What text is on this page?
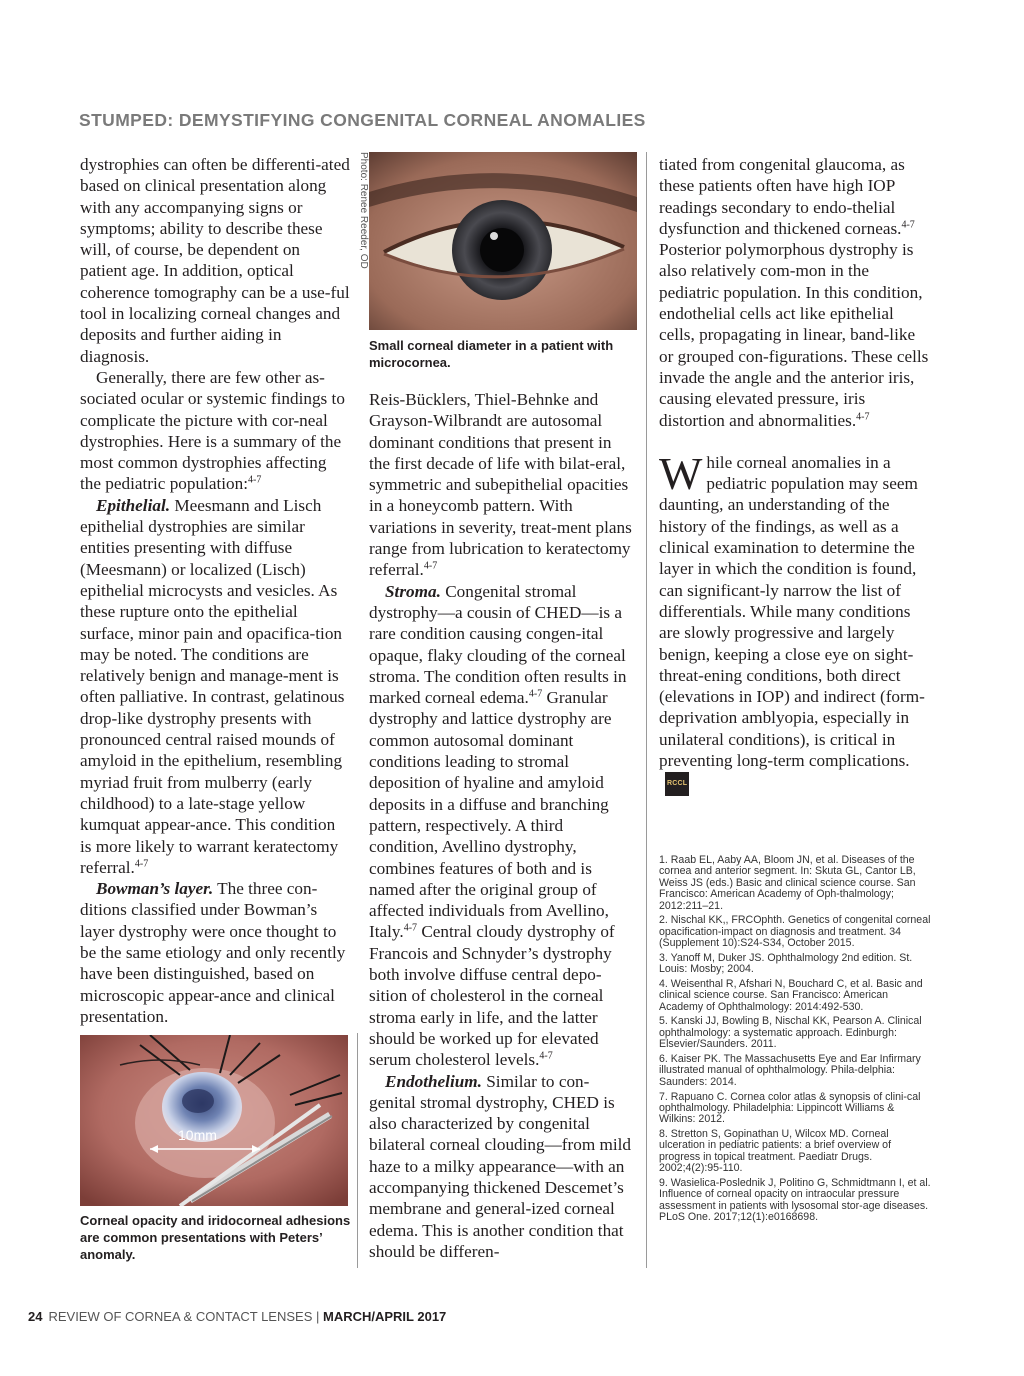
STUMPED: DEMYSTIFYING CONGENITAL CORNEAL ANOMALIES

dystrophies can often be differenti-ated based on clinical presentation along with any accompanying signs or symptoms; ability to describe these will, of course, be dependent on patient age. In addition, optical coherence tomography can be a use-ful tool in localizing corneal changes and deposits and further aiding in diagnosis.

Generally, there are few other as-sociated ocular or systemic findings to complicate the picture with cor-neal dystrophies. Here is a summary of the most common dystrophies affecting the pediatric population:$^{4-7}$

Epithelial. Meesmann and Lisch epithelial dystrophies are similar entities presenting with diffuse (Meesmann) or localized (Lisch) epithelial microcysts and vesicles. As these rupture onto the epithelial surface, minor pain and opacifica-tion may be noted. The conditions are relatively benign and manage-ment is often palliative. In contrast, gelatinous drop-like dystrophy presents with pronounced central raised mounds of amyloid in the epithelium, resembling myriad fruit from mulberry (early childhood) to a late-stage yellow kumquat appear-ance. This condition is more likely to warrant keratectomy referral.$^{4-7}$

Bowman’s layer. The three con-ditions classified under Bowman’s layer dystrophy were once thought to be the same etiology and only recently have been distinguished, based on microscopic appear-ance and clinical presentation.

10mm
Corneal opacity and iridocorneal adhesions are common presentations with Peters’ anomaly.
Photo: Renee Reeder, OD
Small corneal diameter in a patient with microcornea.

Reis-Bücklers, Thiel-Behnke and Grayson-Wilbrandt are autosomal dominant conditions that present in the first decade of life with bilat-eral, symmetric and subepithelial opacities in a honeycomb pattern. With variations in severity, treat-ment plans range from lubrication to keratectomy referral.$^{4-7}$

Stroma. Congenital stromal dystrophy—a cousin of CHED—is a rare condition causing congen-ital opaque, flaky clouding of the corneal stroma. The condition often results in marked corneal edema.$^{4-7}$ Granular dystrophy and lattice dystrophy are common autosomal dominant conditions leading to stromal deposition of hyaline and amyloid deposits in a diffuse and branching pattern, respectively. A third condition, Avellino dystrophy, combines features of both and is named after the original group of affected individuals from Avellino, Italy.$^{4-7}$ Central cloudy dystrophy of Francois and Schnyder’s dystrophy both involve diffuse central depo-sition of cholesterol in the corneal stroma early in life, and the latter should be worked up for elevated serum cholesterol levels.$^{4-7}$

Endothelium. Similar to con-genital stromal dystrophy, CHED is also characterized by congenital bilateral corneal clouding—from mild haze to a milky appearance—with an accompanying thickened Descemet’s membrane and general-ized corneal edema. This is another condition that should be differen-

tiated from congenital glaucoma, as these patients often have high IOP readings secondary to endo-thelial dysfunction and thickened corneas.$^{4-7}$ Posterior polymorphous dystrophy is also relatively com-mon in the pediatric population. In this condition, endothelial cells act like epithelial cells, propagating in linear, band-like or grouped con-figurations. These cells invade the angle and the anterior iris, causing elevated pressure, iris distortion and abnormalities.$^{4-7}$

While corneal anomalies in a pediatric population may seem daunting, an understanding of the history of the findings, as well as a clinical examination to determine the layer in which the condition is found, can significant-ly narrow the list of differentials. While many conditions are slowly progressive and largely benign, keeping a close eye on sight-threat-ening conditions, both direct (elevations in IOP) and indirect (form-deprivation amblyopia, especially in unilateral conditions), is critical in preventing long-term complications.RCCL

1. Raab EL, Aaby AA, Bloom JN, et al. Diseases of the cornea and anterior segment. In: Skuta GL, Cantor LB, Weiss JS (eds.) Basic and clinical science course. San Francisco: American Academy of Oph-thalmology; 2012:211–21.
2. Nischal KK,, FRCOphth. Genetics of congenital corneal opacification-impact on diagnosis and treatment. 34 (Supplement 10):S24-S34, October 2015.
3. Yanoff M, Duker JS. Ophthalmology 2nd edition. St. Louis: Mosby; 2004.
4. Weisenthal R, Afshari N, Bouchard C, et al. Basic and clinical science course. San Francisco: American Academy of Ophthalmology: 2014:492-530.
5. Kanski JJ, Bowling B, Nischal KK, Pearson A. Clinical ophthalmology: a systematic approach. Edinburgh: Elsevier/Saunders. 2011.
6. Kaiser PK. The Massachusetts Eye and Ear Infirmary illustrated manual of ophthalmology. Phila-delphia: Saunders: 2014.
7. Rapuano C. Cornea color atlas & synopsis of clini-cal ophthalmology. Philadelphia: Lippincott Williams & Wilkins: 2012.
8. Stretton S, Gopinathan U, Wilcox MD. Corneal ulceration in pediatric patients: a brief overview of progress in topical treatment. Paediatr Drugs. 2002;4(2):95-110.
9. Wasielica-Poslednik J, Politino G, Schmidtmann I, et al. Influence of corneal opacity on intraocular pressure assessment in patients with lysosomal stor-age diseases. PLoS One. 2017;12(1):e0168698.
24 REVIEW OF CORNEA & CONTACT LENSES | MARCH/APRIL 2017
